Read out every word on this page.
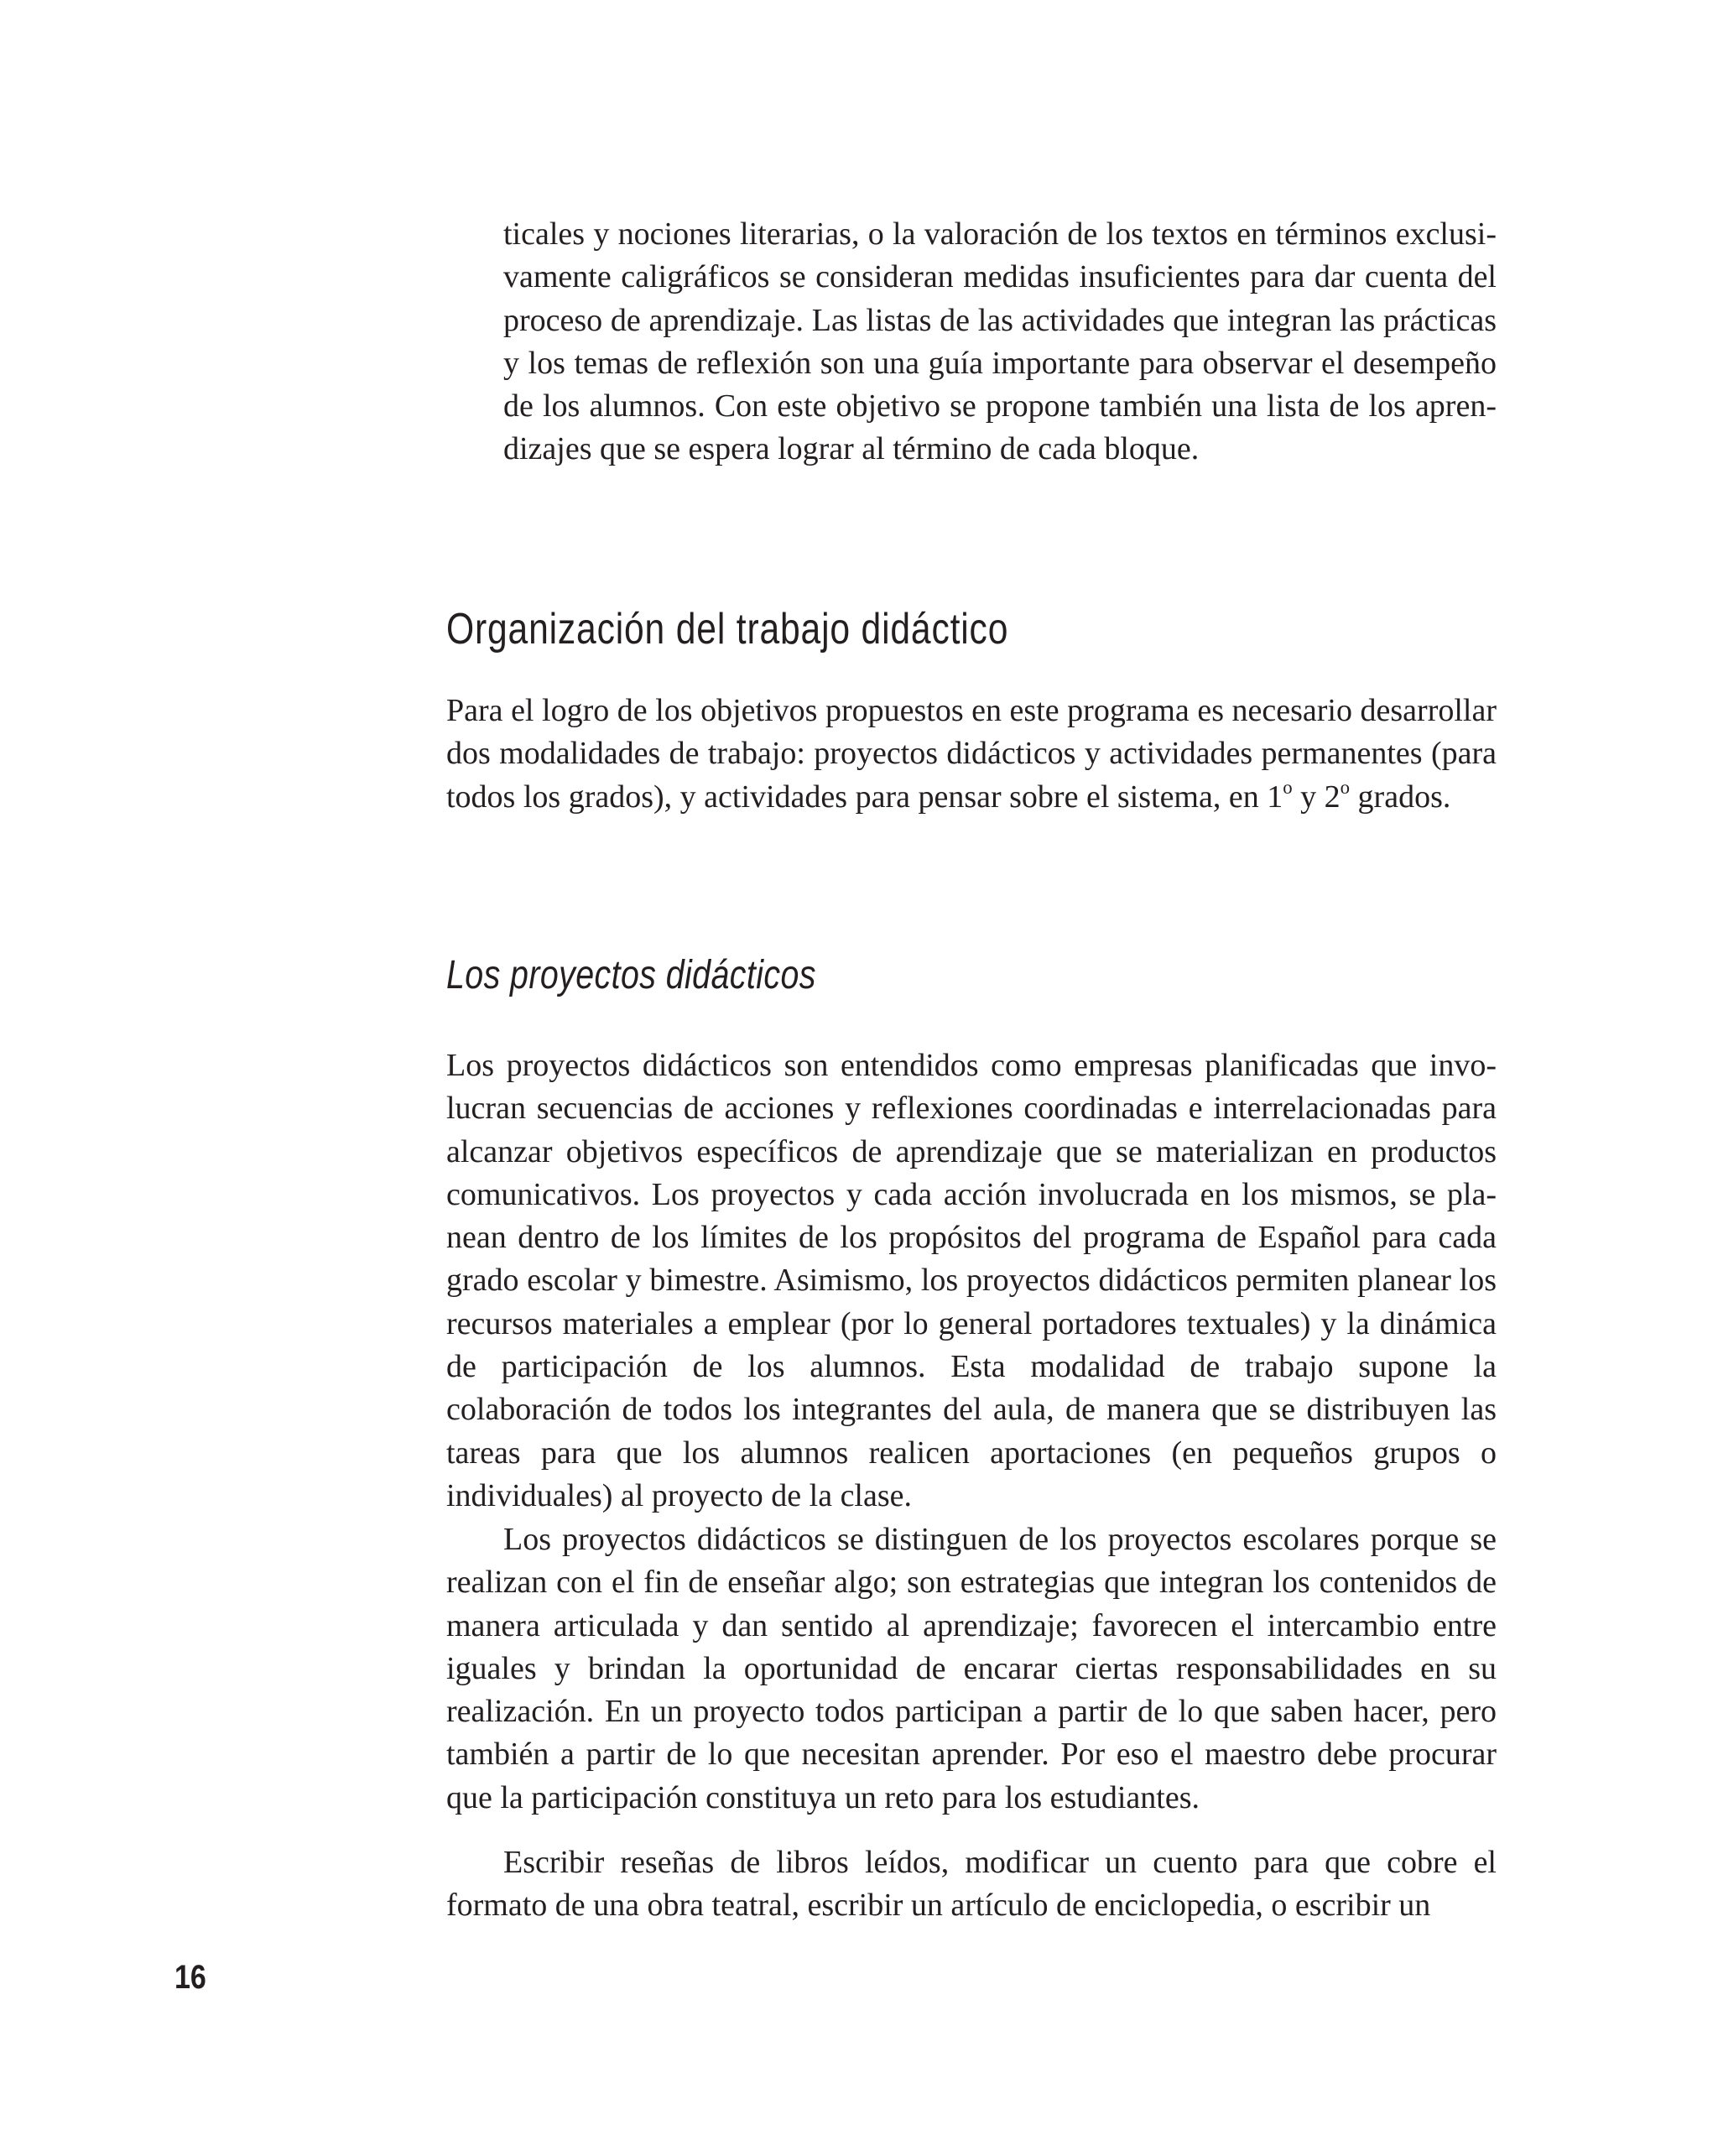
ticales y nociones literarias, o la valoración de los textos en términos exclusivamente caligráficos se consideran medidas insuficientes para dar cuenta del proceso de aprendizaje. Las listas de las actividades que integran las prácticas y los temas de reflexión son una guía importante para observar el desempeño de los alumnos. Con este objetivo se propone también una lista de los aprendizajes que se espera lograr al término de cada bloque.

Organización del trabajo didáctico

Para el logro de los objetivos propuestos en este programa es necesario desarrollar dos modalidades de trabajo: proyectos didácticos y actividades permanentes (para todos los grados), y actividades para pensar sobre el sistema, en 1$^o$ y 2$^o$ grados.

Los proyectos didácticos

Los proyectos didácticos son entendidos como empresas planificadas que involucran secuencias de acciones y reflexiones coordinadas e interrelacionadas para alcanzar objetivos específicos de aprendizaje que se materializan en productos comunicativos. Los proyectos y cada acción involucrada en los mismos, se planean dentro de los límites de los propósitos del programa de Español para cada grado escolar y bimestre. Asimismo, los proyectos didácticos permiten planear los recursos materiales a emplear (por lo general portadores textuales) y la dinámica de participación de los alumnos. Esta modalidad de trabajo supone la colaboración de todos los integrantes del aula, de manera que se distribuyen las tareas para que los alumnos realicen aportaciones (en pequeños grupos o individuales) al proyecto de la clase.

Los proyectos didácticos se distinguen de los proyectos escolares porque se realizan con el fin de enseñar algo; son estrategias que integran los contenidos de manera articulada y dan sentido al aprendizaje; favorecen el intercambio entre iguales y brindan la oportunidad de encarar ciertas responsabilidades en su realización. En un proyecto todos participan a partir de lo que saben hacer, pero también a partir de lo que necesitan aprender. Por eso el maestro debe procurar que la participación constituya un reto para los estudiantes.

Escribir reseñas de libros leídos, modificar un cuento para que cobre el formato de una obra teatral, escribir un artículo de enciclopedia, o escribir un

16
